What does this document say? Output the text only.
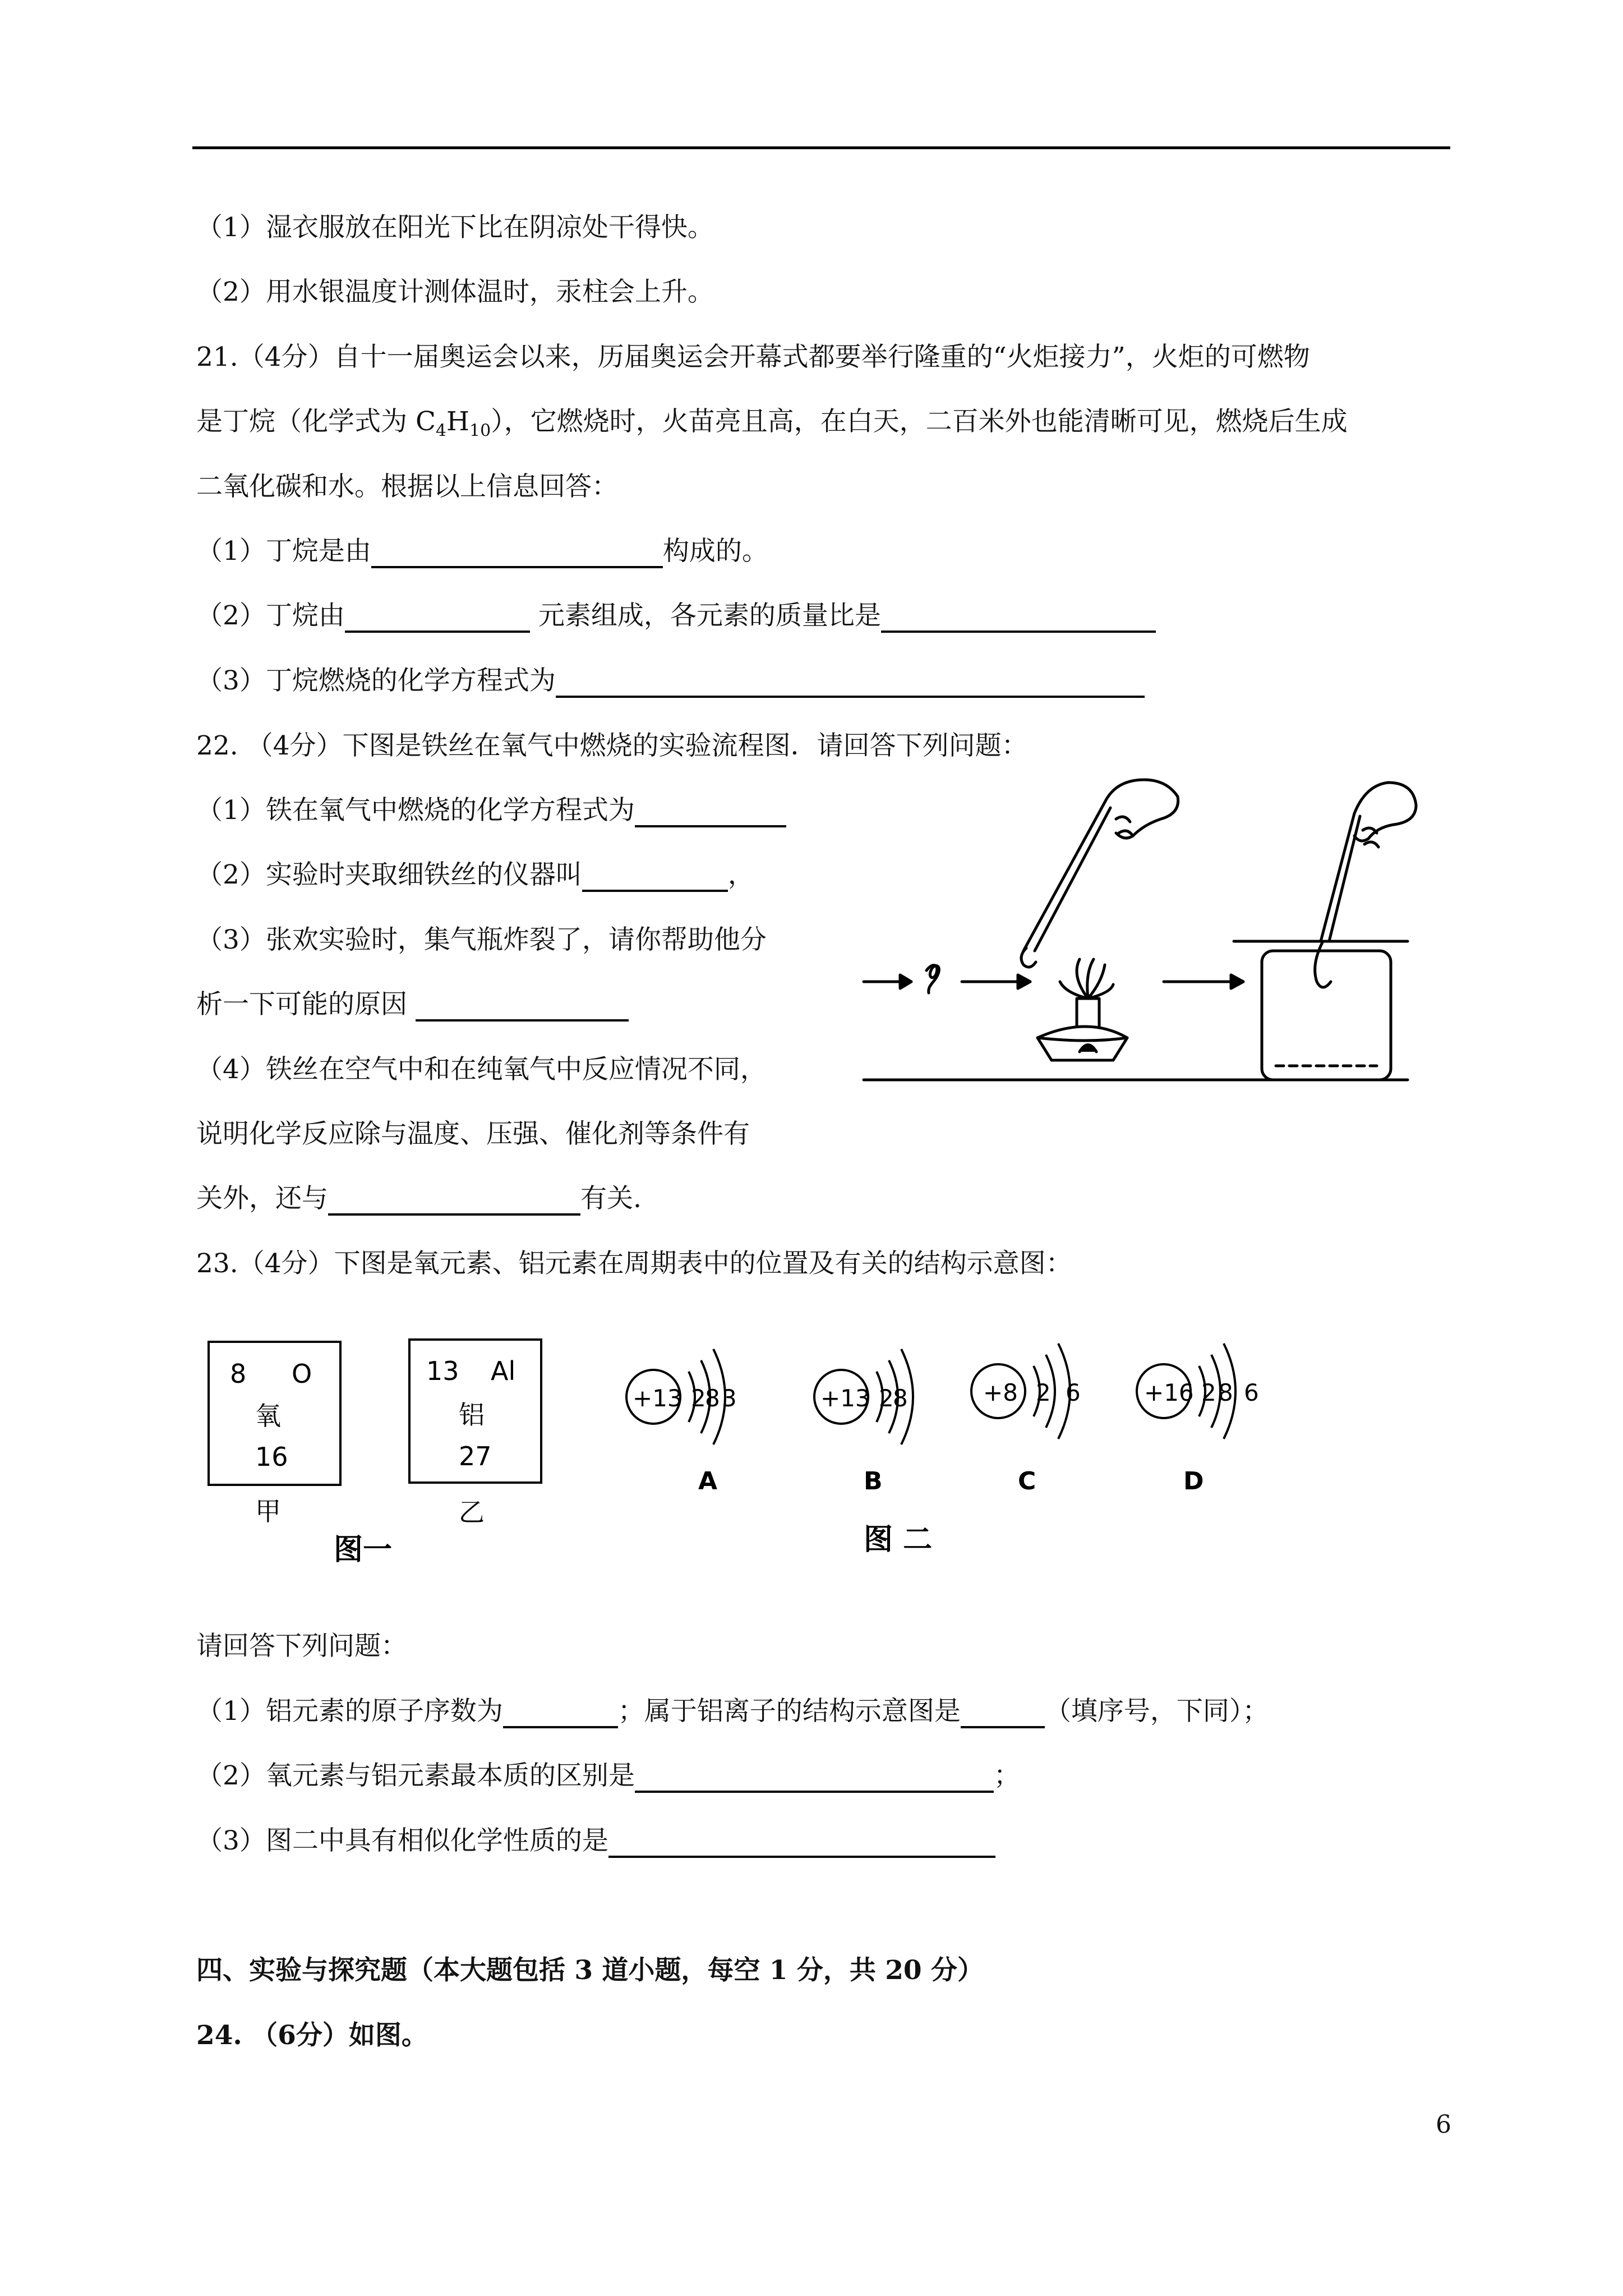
（1）湿衣服放在阳光下比在阴凉处干得快。
（2）用水银温度计测体温时，汞柱会上升。
21.（4分）自十一届奥运会以来，历届奥运会开幕式都要举行隆重的“火炬接力”，火炬的可燃物
是丁烷（化学式为 $C_4H_{10}$），它燃烧时，火苗亮且高，在白天，二百米外也能清晰可见，燃烧后生成
二氧化碳和水。根据以上信息回答：
（1）丁烷是由	构成的。
（2）丁烷由	元素组成，各元素的质量比是
（3）丁烷燃烧的化学方程式为
22. （4分）下图是铁丝在氧气中燃烧的实验流程图．请回答下列问题：
（1）铁在氧气中燃烧的化学方程式为
（2）实验时夹取细铁丝的仪器叫	，
（3）张欢实验时，集气瓶炸裂了，请你帮助他分
析一下可能的原因
（4）铁丝在空气中和在纯氧气中反应情况不同，
说明化学反应除与温度、压强、催化剂等条件有
关外，还与	有关.
23.（4分）下图是氧元素、铝元素在周期表中的位置及有关的结构示意图：
8 O
氧
16
甲
13 Al
铝
27
乙
图一
+13 2
8 3
A
+13 2
8
B
+8 2 6
C
+16 2 8 6
D
图 二
请回答下列问题：
（1）铝元素的原子序数为	；属于铝离子的结构示意图是	（填序号，下同）；
（2）氧元素与铝元素最本质的区别是	；
（3）图二中具有相似化学性质的是
四、实验与探究题（本大题包括 3 道小题，每空 1 分，共 20 分）
24. （6分）如图。
6
